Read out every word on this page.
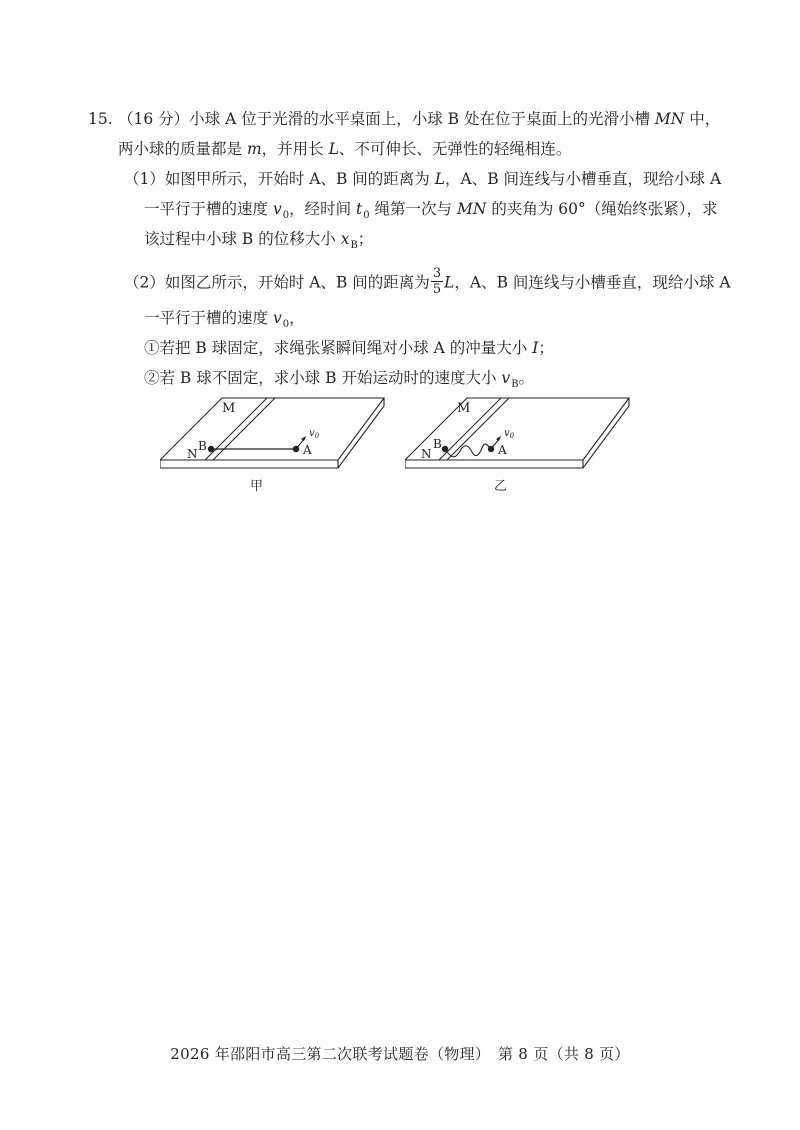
15. （16 分）小球 A 位于光滑的水平桌面上，小球 B 处在位于桌面上的光滑小槽 MN 中，
两小球的质量都是 m，并用长 L、不可伸长、无弹性的轻绳相连。
（1）如图甲所示，开始时 A、B 间的距离为 L，A、B 间连线与小槽垂直，现给小球 A
一平行于槽的速度 $v_0$，经时间 $t_0$ 绳第一次与 MN 的夹角为 60°（绳始终张紧），求
该过程中小球 B 的位移大小 $x_B$；
（2）如图乙所示，开始时 A、B 间的距离为 $\frac{3}{5}$ L，A、B 间连线与小槽垂直，现给小球 A
一平行于槽的速度 $v_0$，
①若把 B 球固定，求绳张紧瞬间绳对小球 A 的冲量大小 I；
②若 B 球不固定，求小球 B 开始运动时的速度大小 $v_B$。
M
N
B	A
$v_0$
甲
M
N
B	A
$v_0$
乙
2026 年邵阳市高三第二次联考试题卷（物理）　第 8 页（共 8 页）
